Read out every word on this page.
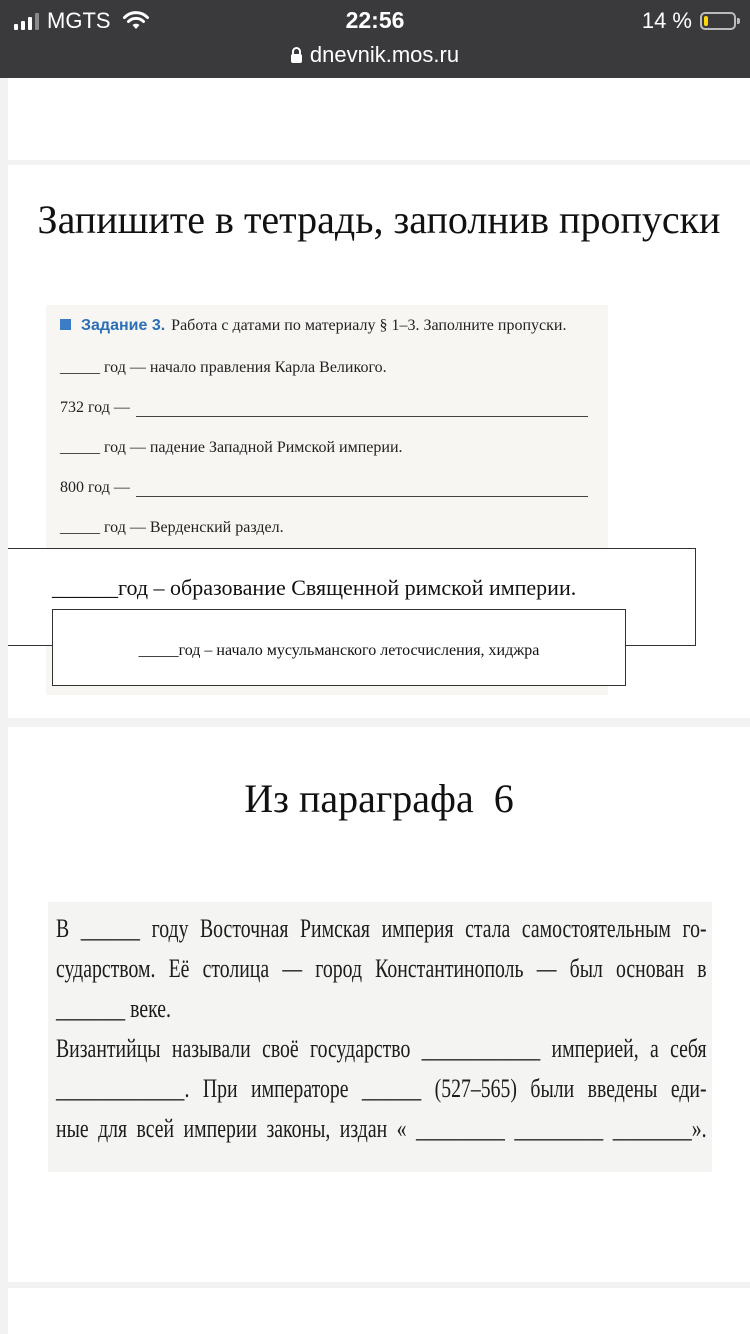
MGTS	22:56	14 %
dnevnik.mos.ru
Запишите в тетрадь, заполнив пропуски
Задание 3. Работа с датами по материалу § 1–3. Заполните пропуски.
_____ год — начало правления Карла Великого.
732 год —
_____ год — падение Западной Римской империи.
800 год —
_____ год — Верденский раздел.
______год – образование Священной римской империи.
_____год – начало мусульманского летосчисления, хиджра
Из параграфа  6
В ______ году Восточная Римская империя стала самостоятельным го-
сударством. Её столица — город Константинополь — был основан в
_______ веке.
Византийцы называли своё государство ____________ империей, а себя
_____________. При императоре ______ (527–565) были введены еди-
ные для всей империи законы, издан « _________ _________ ________».
